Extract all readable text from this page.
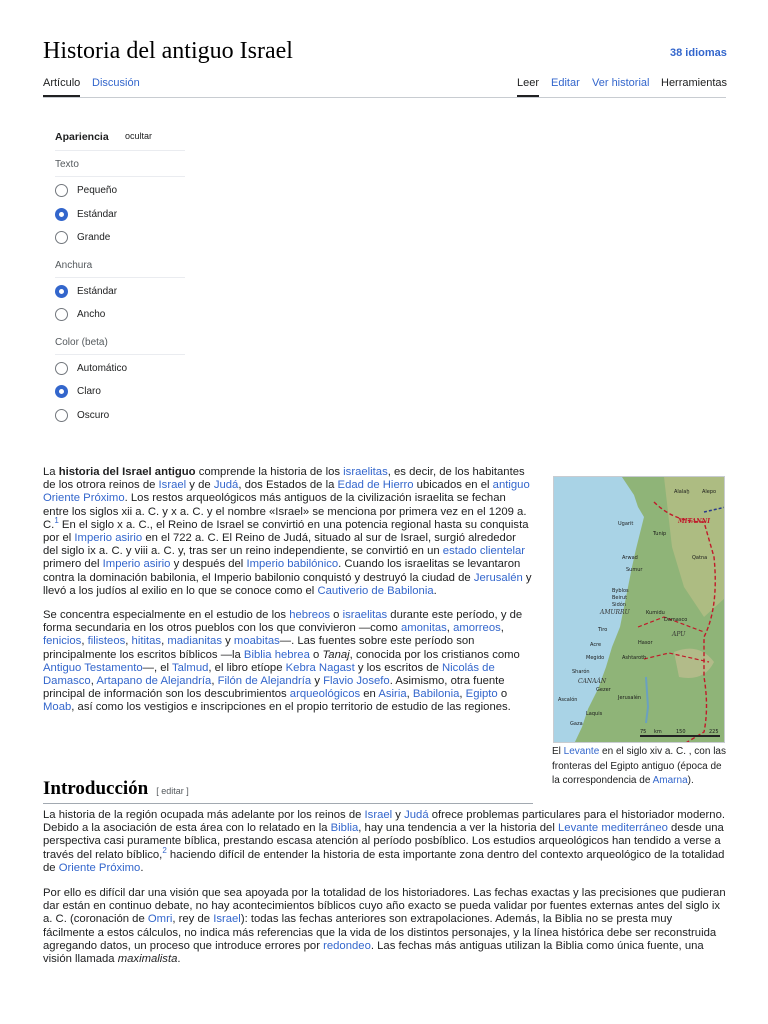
Historia del antiguo Israel	38 idiomas
Artículo Discusión	Leer Editar Ver historial Herramientas
Apariencia ocultar
Texto
Pequeño
Estándar
Grande
Anchura
Estándar
Ancho
Color (beta)
Automático
Claro
Oscuro

La historia del Israel antiguo comprende la historia de los israelitas, es decir, de los habitantes de los otrora reinos de Israel y de Judá, dos Estados de la Edad de Hierro ubicados en el antiguo Oriente Próximo. Los restos arqueológicos más antiguos de la civilización israelita se fechan entre los siglos xii a. C. y x a. C. y el nombre «Israel» se menciona por primera vez en el 1209 a. C.$^1$ En el siglo x a. C., el Reino de Israel se convirtió en una potencia regional hasta su conquista por el Imperio asirio en el 722 a. C. El Reino de Judá, situado al sur de Israel, surgió alrededor del siglo ix a. C. y viii a. C. y, tras ser un reino independiente, se convirtió en un estado clientelar primero del Imperio asirio y después del Imperio babilónico. Cuando los israelitas se levantaron contra la dominación babilonia, el Imperio babilonio conquistó y destruyó la ciudad de Jerusalén y llevó a los judíos al exilio en lo que se conoce como el Cautiverio de Babilonia.

Se concentra especialmente en el estudio de los hebreos o israelitas durante este período, y de forma secundaria en los otros pueblos con los que convivieron —como amonitas, amorreos, fenicios, filisteos, hititas, madianitas y moabitas—. Las fuentes sobre este período son principalmente los escritos bíblicos —la Biblia hebrea o Tanaj, conocida por los cristianos como Antiguo Testamento—, el Talmud, el libro etíope Kebra Nagast y los escritos de Nicolás de Damasco, Artapano de Alejandría, Filón de Alejandría y Flavio Josefo. Asimismo, otra fuente principal de información son los descubrimientos arqueológicos en Asiria, Babilonia, Egipto o Moab, así como los vestigios e inscripciones en el propio territorio de estudio de las regiones.

Alalaḫ	Alepo
MITANNI
Ugarit
Tunip
Arwad	Qatna
Sumur
Byblos
Beirut
Sidón
AMURRU	Kumidu
Damasco
Tiro
APU
Acre	Hasor
Megido	Ashtaroth
Sharón
CANAÁN
Gezer
Ascalón	Jerusalén
Laquis
Gaza
75 km	150	225
El Levante en el siglo xiv a. C. , con las fronteras del Egipto antiguo (época de la correspondencia de Amarna).
Introducción [ editar ]

La historia de la región ocupada más adelante por los reinos de Israel y Judá ofrece problemas particulares para el historiador moderno. Debido a la asociación de esta área con lo relatado en la Biblia, hay una tendencia a ver la historia del Levante mediterráneo desde una perspectiva casi puramente bíblica, prestando escasa atención al período posbíblico. Los estudios arqueológicos han tendido a verse a través del relato bíblico,$^2$ haciendo difícil de entender la historia de esta importante zona dentro del contexto arqueológico de la totalidad de Oriente Próximo.

Por ello es difícil dar una visión que sea apoyada por la totalidad de los historiadores. Las fechas exactas y las precisiones que pudieran dar están en continuo debate, no hay acontecimientos bíblicos cuyo año exacto se pueda validar por fuentes externas antes del siglo ix a. C. (coronación de Omri, rey de Israel): todas las fechas anteriores son extrapolaciones. Además, la Biblia no se presta muy fácilmente a estos cálculos, no indica más referencias que la vida de los distintos personajes, y la línea histórica debe ser reconstruida agregando datos, un proceso que introduce errores por redondeo. Las fechas más antiguas utilizan la Biblia como única fuente, una visión llamada maximalista.
